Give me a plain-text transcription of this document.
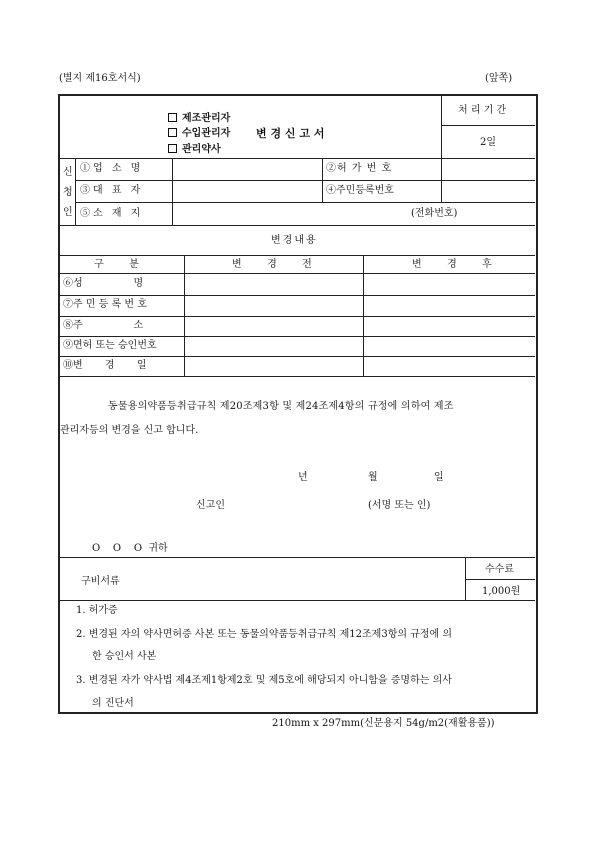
(별지 제16호서식)	(앞쪽)
제조관리자
수입관리자
관리약사
변 경 신 고 서
처 리 기 간
2일
신
청
인
①업 소 명	②허 가 번 호
③대 표 자	④주민등록번호
⑤소 재 지	(전화번호)
변경내용
구        분	변        경        전	변        경        후
⑥성                명
⑦주 민 등 록 번 호
⑧주                소
⑨면허 또는 승인번호
⑩변       경       일
동물용의약품등취급규칙 제20조제3항 및 제24조제4항의 규정에 의하여 제조
관리자등의 변경을 신고 합니다.
년	월	일
신고인	(서명 또는 인)
O    O    O  귀하
구비서류
수수료
1,000원
1. 허가증
2. 변경된 자의 약사면허증 사본 또는 동물의약품등취급규칙 제12조제3항의 규정에 의
한 승인서 사본
3. 변경된 자가 약사법 제4조제1항제2호 및 제5호에 해당되지 아니함을 증명하는 의사
의 진단서
210mm x 297mm(신문용지 54g/m2(재활용품))
